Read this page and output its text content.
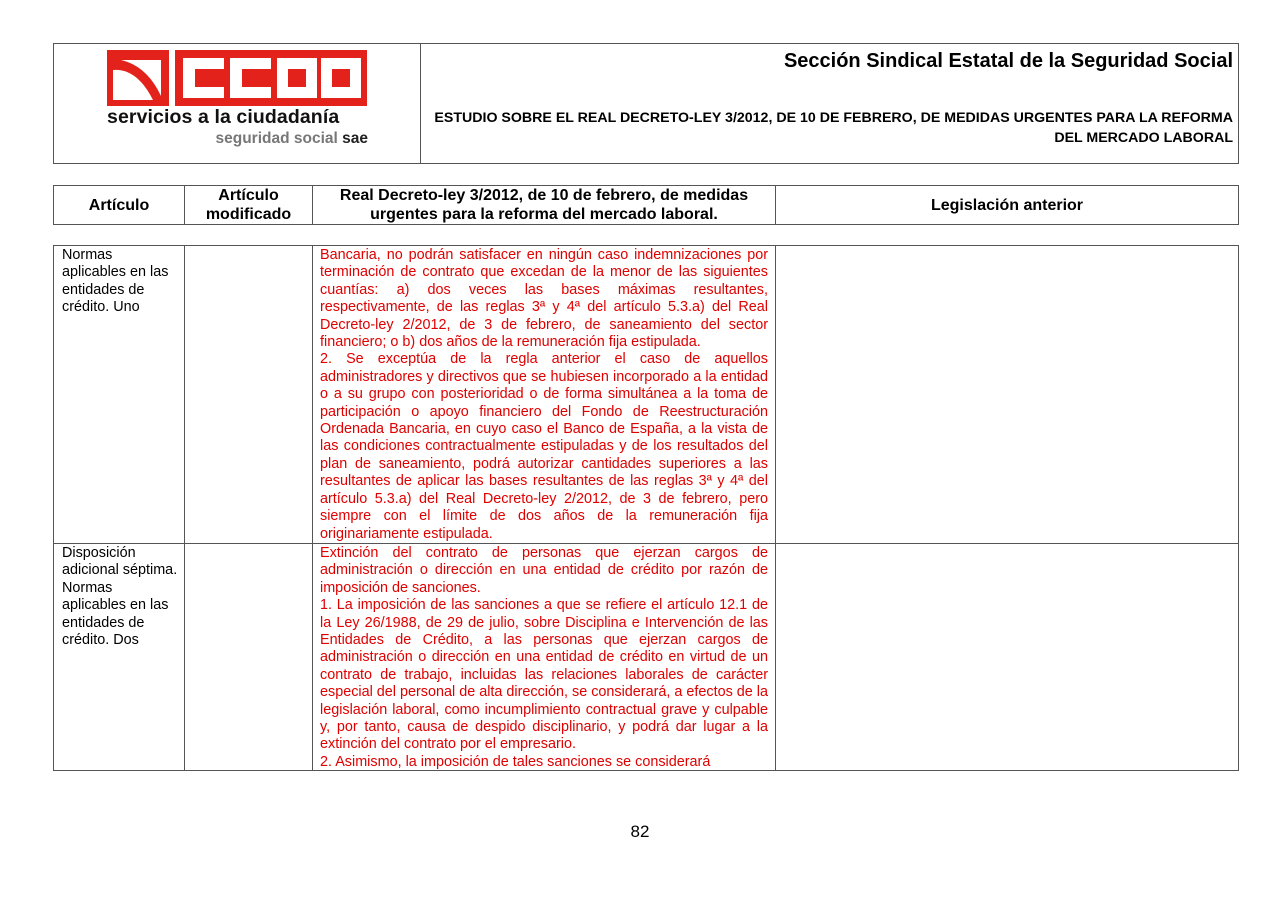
servicios a la ciudadanía
seguridad social sae
Sección Sindical Estatal de la Seguridad Social
ESTUDIO SOBRE EL REAL DECRETO-LEY 3/2012, DE 10 DE FEBRERO, DE MEDIDAS URGENTES PARA LA REFORMA DEL MERCADO LABORAL
Artículo
Artículo modificado
Real Decreto-ley 3/2012, de 10 de febrero, de medidas urgentes para la reforma del mercado laboral.
Legislación anterior
Normas aplicables en las entidades de crédito. Uno

Bancaria, no podrán satisfacer en ningún caso indemnizaciones por terminación de contrato que excedan de la menor de las siguientes cuantías: a) dos veces las bases máximas resultantes, respectivamente, de las reglas 3ª y 4ª del artículo 5.3.a) del Real Decreto-ley 2/2012, de 3 de febrero, de saneamiento del sector financiero; o b) dos años de la remuneración fija estipulada.

2. Se exceptúa de la regla anterior el caso de aquellos administradores y directivos que se hubiesen incorporado a la entidad o a su grupo con posterioridad o de forma simultánea a la toma de participación o apoyo financiero del Fondo de Reestructuración Ordenada Bancaria, en cuyo caso el Banco de España, a la vista de las condiciones contractualmente estipuladas y de los resultados del plan de saneamiento, podrá autorizar cantidades superiores a las resultantes de aplicar las bases resultantes de las reglas 3ª y 4ª del artículo 5.3.a) del Real Decreto-ley 2/2012, de 3 de febrero, pero siempre con el límite de dos años de la remuneración fija originariamente estipulada.

Disposición adicional séptima. Normas aplicables en las entidades de crédito. Dos

Extinción del contrato de personas que ejerzan cargos de administración o dirección en una entidad de crédito por razón de imposición de sanciones.

1. La imposición de las sanciones a que se refiere el artículo 12.1 de la Ley 26/1988, de 29 de julio, sobre Disciplina e Intervención de las Entidades de Crédito, a las personas que ejerzan cargos de administración o dirección en una entidad de crédito en virtud de un contrato de trabajo, incluidas las relaciones laborales de carácter especial del personal de alta dirección, se considerará, a efectos de la legislación laboral, como incumplimiento contractual grave y culpable y, por tanto, causa de despido disciplinario, y podrá dar lugar a la extinción del contrato por el empresario.

2. Asimismo, la imposición de tales sanciones se considerará

82
